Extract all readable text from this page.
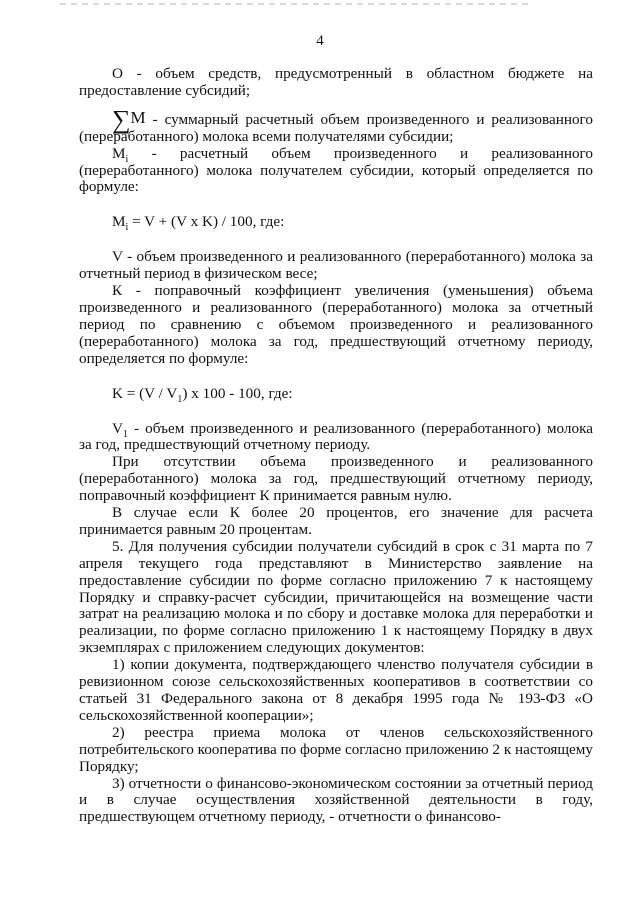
4

О - объем средств, предусмотренный в областном бюджете на предоставление субсидий;

∑М - суммарный расчетный объем произведенного и реализованного (переработанного) молока всеми получателями субсидии;

$М_i$ - расчетный объем произведенного и реализованного (переработанного) молока получателем субсидии, который определяется по формуле:

$М_i = V + (V$ x K) / 100, где:

V - объем произведенного и реализованного (переработанного) молока за отчетный период в физическом весе;

К - поправочный коэффициент увеличения (уменьшения) объема произведенного и реализованного (переработанного) молока за отчетный период по сравнению с объемом произведенного и реализованного (переработанного) молока за год, предшествующий отчетному периоду, определяется по формуле:

$K = (V / V_1)$ х 100 - 100, где:

$V_1$ - объем произведенного и реализованного (переработанного) молока за год, предшествующий отчетному периоду.

При отсутствии объема произведенного и реализованного (переработанного) молока за год, предшествующий отчетному периоду, поправочный коэффициент К принимается равным нулю.

В случае если К более 20 процентов, его значение для расчета принимается равным 20 процентам.

5. Для получения субсидии получатели субсидий в срок с 31 марта по 7 апреля текущего года представляют в Министерство заявление на предоставление субсидии по форме согласно приложению 7 к настоящему Порядку и справку-расчет субсидии, причитающейся на возмещение части затрат на реализацию молока и по сбору и доставке молока для переработки и реализации, по форме согласно приложению 1 к настоящему Порядку в двух экземплярах с приложением следующих документов:

1) копии документа, подтверждающего членство получателя субсидии в ревизионном союзе сельскохозяйственных кооперативов в соответствии со статьей 31 Федерального закона от 8 декабря 1995 года № 193-ФЗ «О сельскохозяйственной кооперации»;

2) реестра приема молока от членов сельскохозяйственного потребительского кооператива по форме согласно приложению 2 к настоящему Порядку;

3) отчетности о финансово-экономическом состоянии за отчетный период и в случае осуществления хозяйственной деятельности в году, предшествующем отчетному периоду, - отчетности о финансово-
